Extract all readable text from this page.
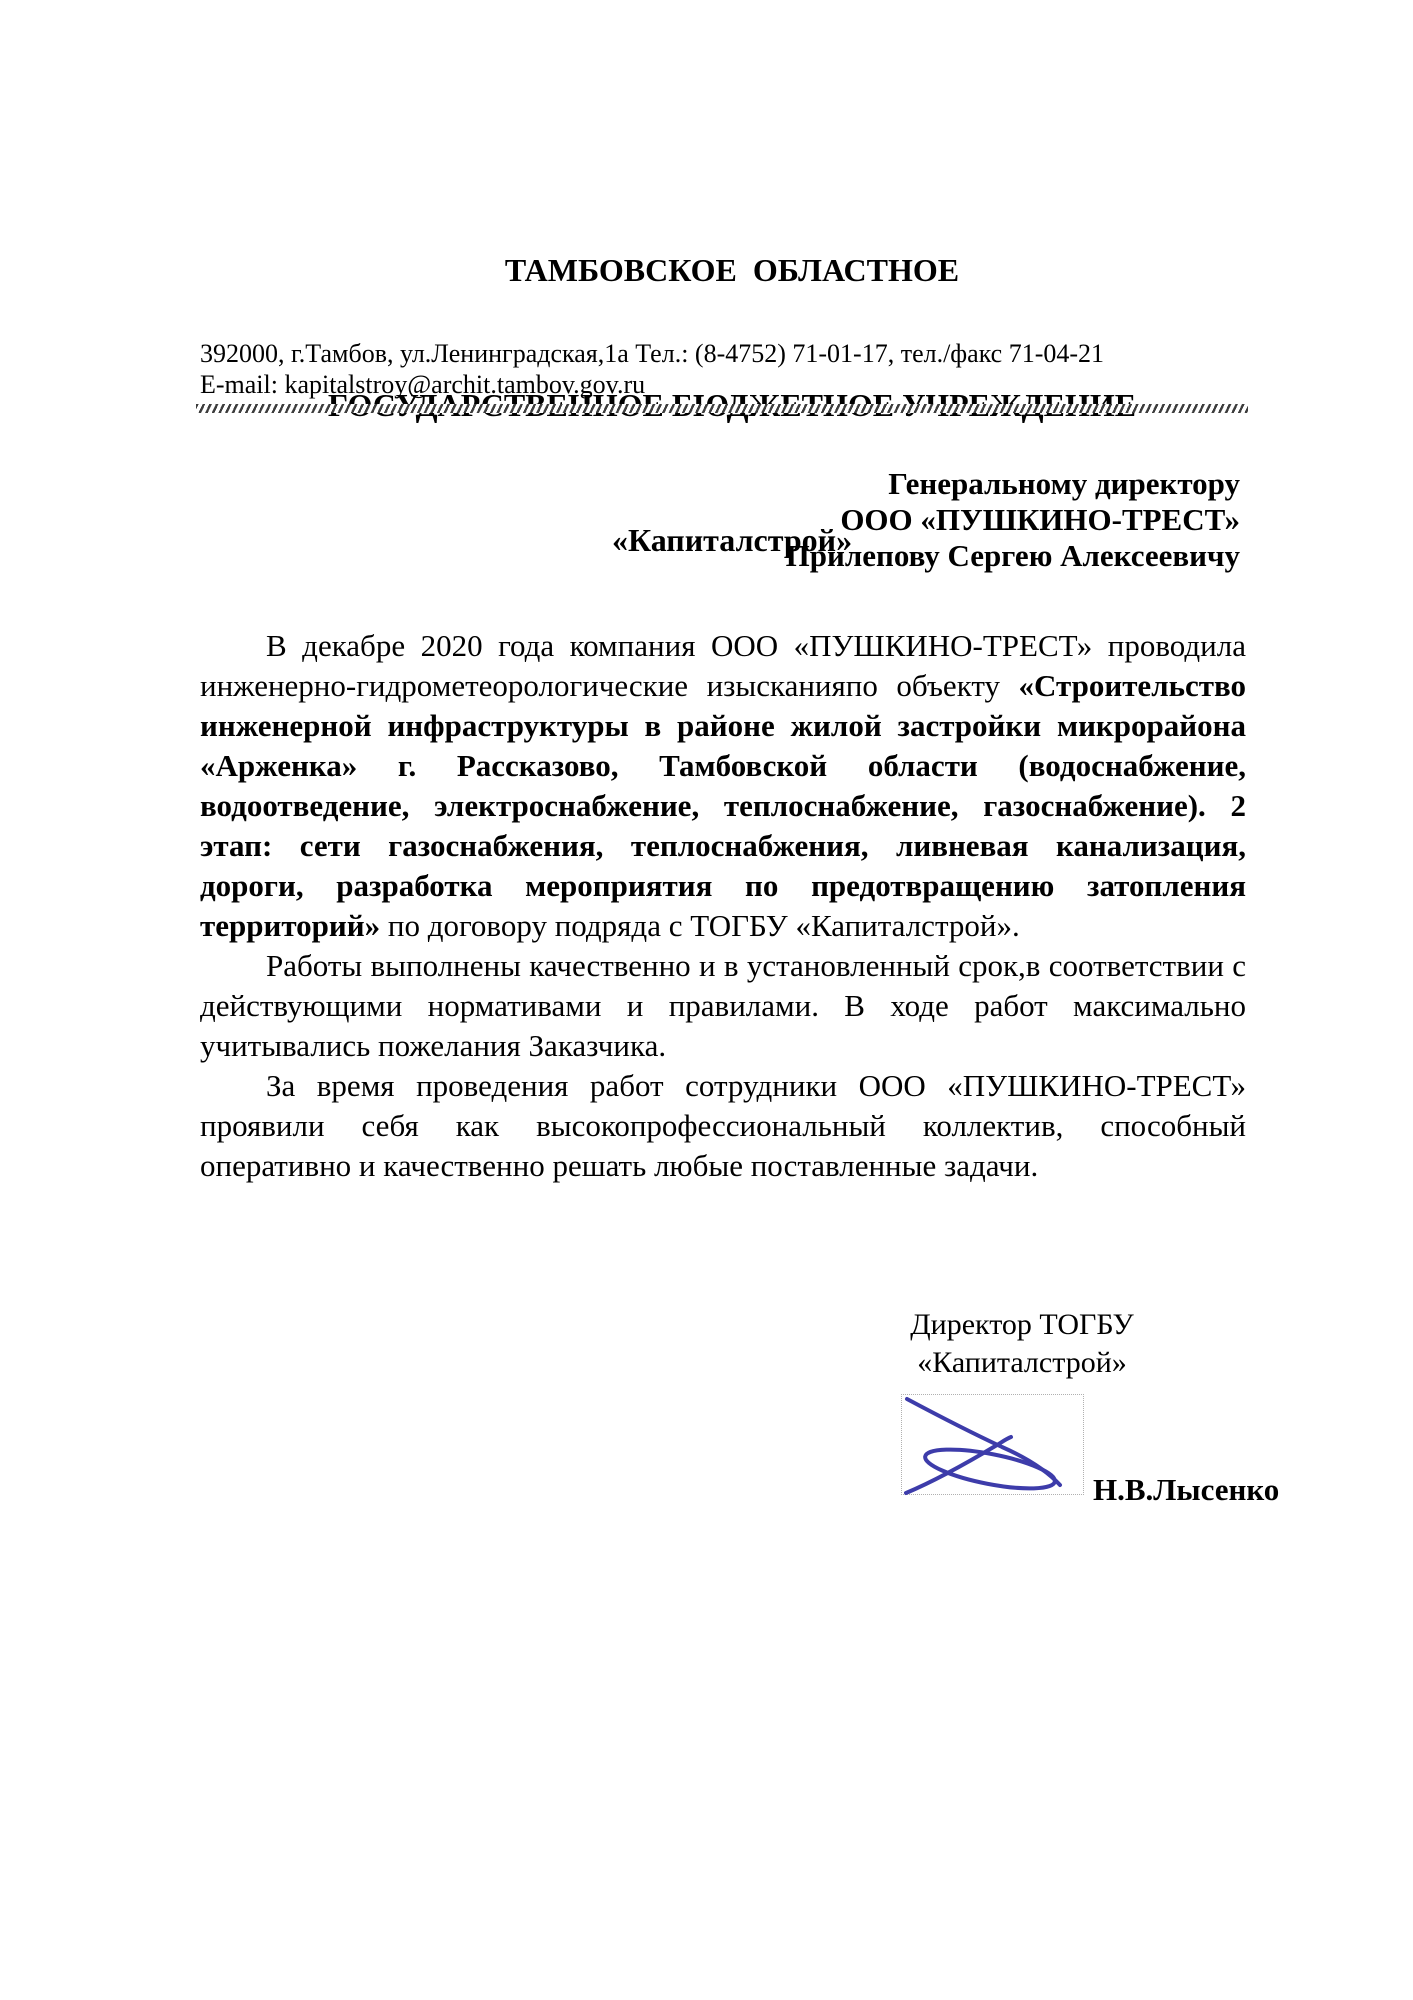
ТАМБОВСКОЕ  ОБЛАСТНОЕ

«Капиталстрой»

392000, г.Тамбов, ул.Ленинградская,1а Тел.: (8-4752) 71-01-17, тел./факс 71-04-21
E-mail: kapitalstroy@archit.tambov.gov.ru
Генеральному директору
ООО «ПУШКИНО-ТРЕСТ»
Прилепову Сергею Алексеевичу

В декабре 2020 года компания ООО «ПУШКИНО-ТРЕСТ» проводила инженерно-гидрометеорологические изысканияпо объекту «Строительство инженерной инфраструктуры в районе жилой застройки микрорайона «Арженка» г. Рассказово, Тамбовской области (водоснабжение, водоотведение, электроснабжение, теплоснабжение, газоснабжение). 2 этап: сети газоснабжения, теплоснабжения, ливневая канализация, дороги, разработка мероприятия по предотвращению затопления территорий» по договору подряда с ТОГБУ «Капиталстрой».

Работы выполнены качественно и в установленный срок,в соответствии с действующими нормативами и правилами. В ходе работ максимально учитывались пожелания Заказчика.

За время проведения работ сотрудники ООО «ПУШКИНО-ТРЕСТ» проявили себя как высокопрофессиональный коллектив, способный оперативно и качественно решать любые поставленные задачи.

Директор ТОГБУ
«Капиталстрой»
Н.В.Лысенко
